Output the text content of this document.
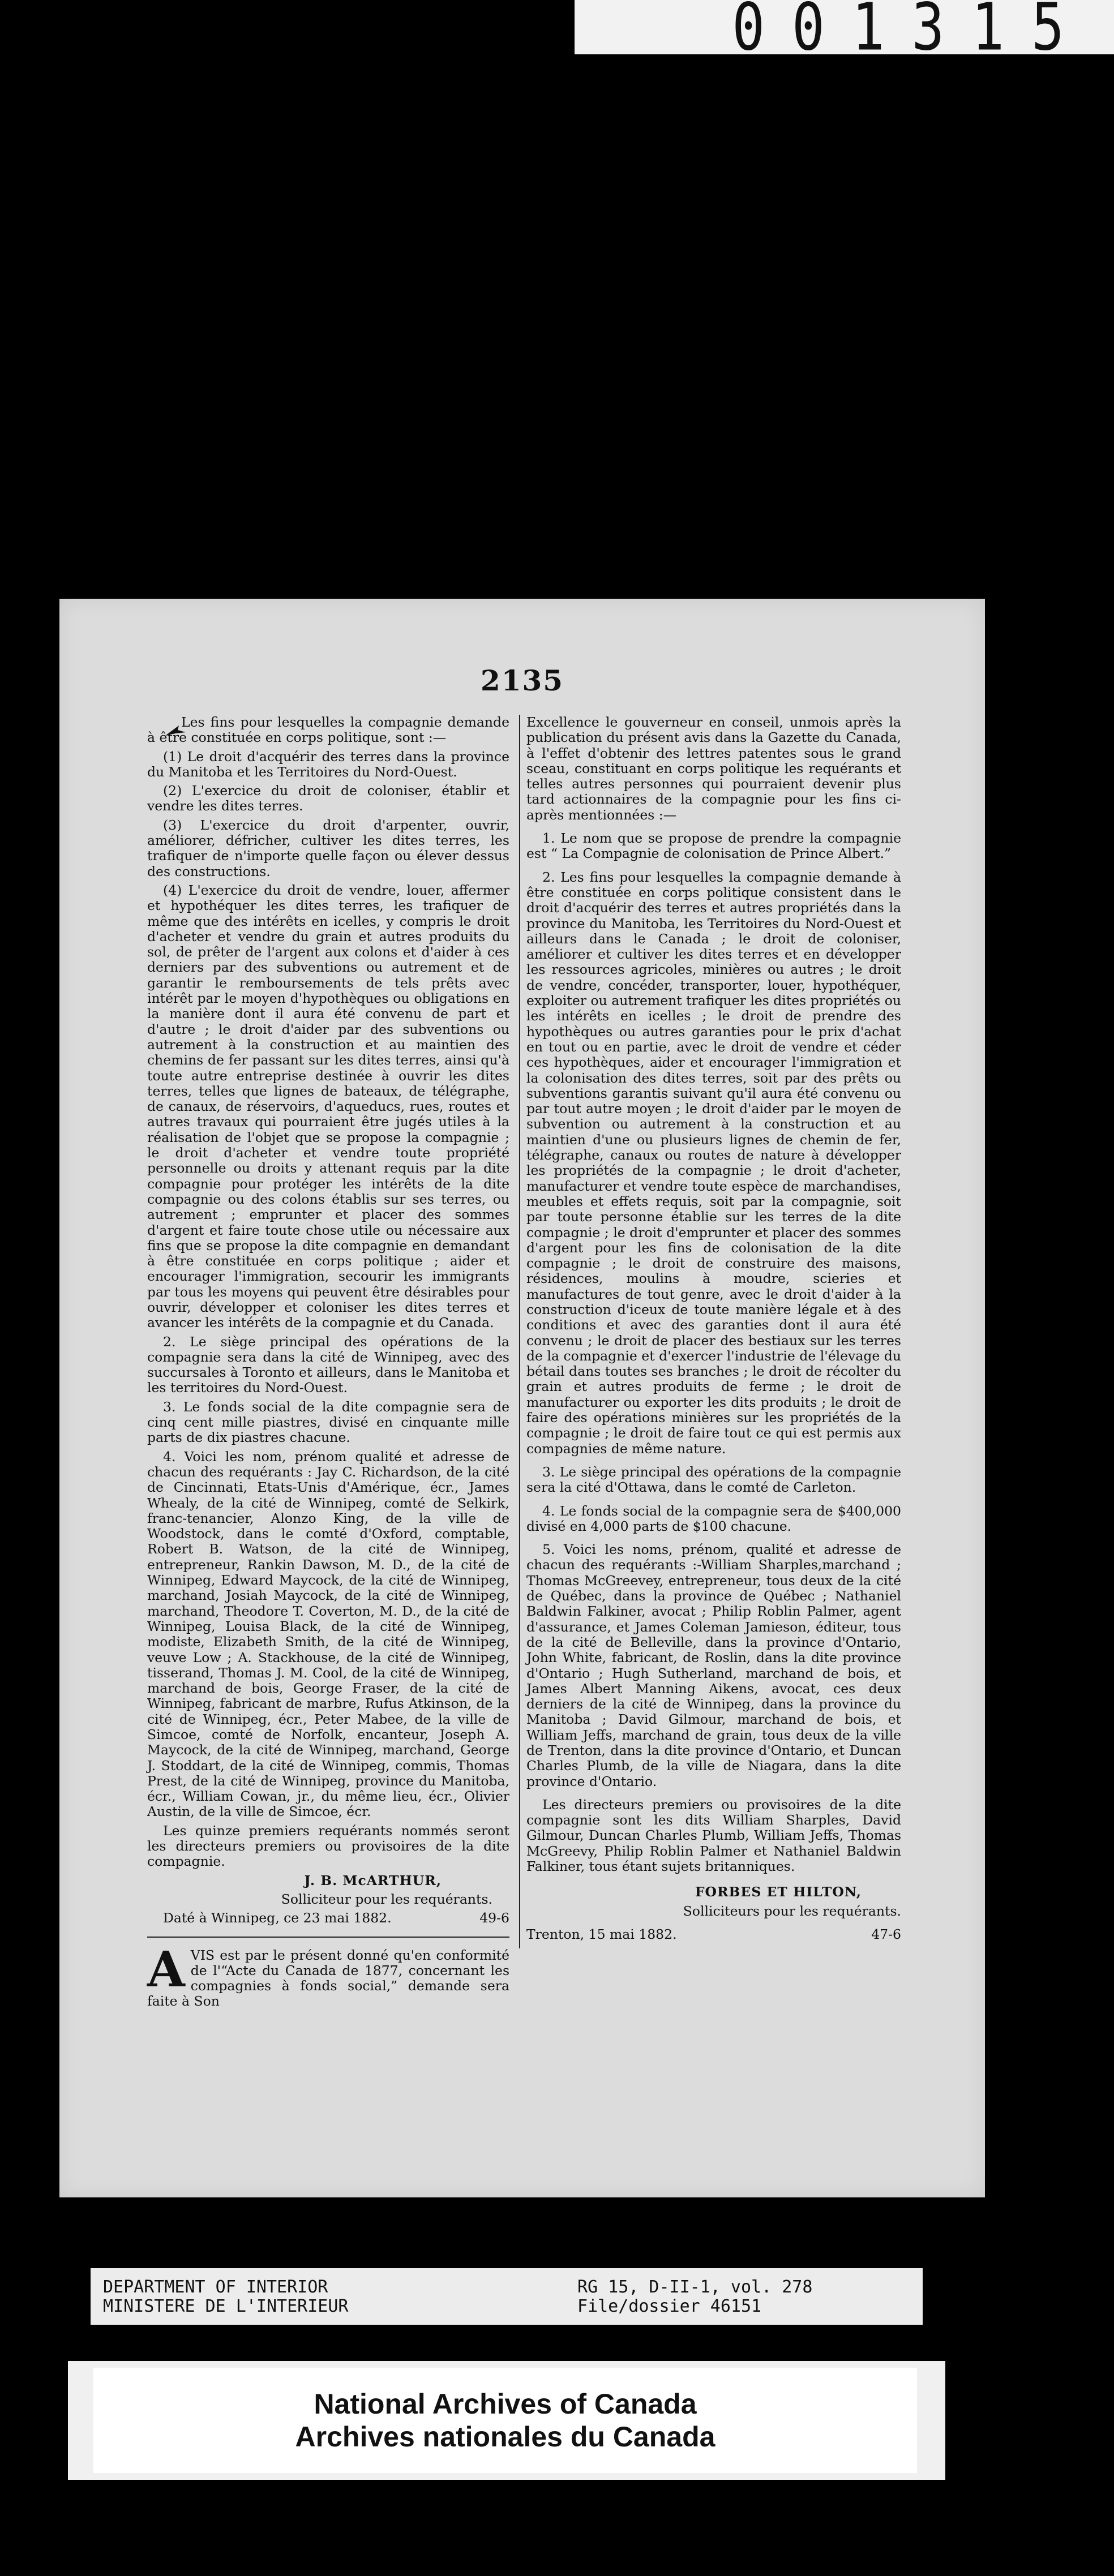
001315
2135

Les fins pour lesquelles la compagnie demande à être constituée en corps politique, sont :—

(1) Le droit d'acquérir des terres dans la province du Manitoba et les Territoires du Nord-Ouest.

(2) L'exercice du droit de coloniser, établir et vendre les dites terres.

(3) L'exercice du droit d'arpenter, ouvrir, améliorer, défricher, cultiver les dites terres, les trafiquer de n'importe quelle façon ou élever dessus des constructions.

(4) L'exercice du droit de vendre, louer, affermer et hypothéquer les dites terres, les trafiquer de même que des intérêts en icelles, y compris le droit d'acheter et vendre du grain et autres produits du sol, de prêter de l'argent aux colons et d'aider à ces derniers par des subventions ou autrement et de garantir le remboursements de tels prêts avec intérêt par le moyen d'hypothèques ou obligations en la manière dont il aura été convenu de part et d'autre ; le droit d'aider par des subventions ou autrement à la construction et au maintien des chemins de fer passant sur les dites terres, ainsi qu'à toute autre entreprise destinée à ouvrir les dites terres, telles que lignes de bateaux, de télégraphe, de canaux, de réservoirs, d'aqueducs, rues, routes et autres travaux qui pourraient être jugés utiles à la réalisation de l'objet que se propose la compagnie ; le droit d'acheter et vendre toute propriété personnelle ou droits y attenant requis par la dite compagnie pour protéger les intérêts de la dite compagnie ou des colons établis sur ses terres, ou autrement ; emprunter et placer des sommes d'argent et faire toute chose utile ou nécessaire aux fins que se propose la dite compagnie en demandant à être constituée en corps politique ; aider et encourager l'immigration, secourir les immigrants par tous les moyens qui peuvent être désirables pour ouvrir, développer et coloniser les dites terres et avancer les intérêts de la compagnie et du Canada.

2. Le siège principal des opérations de la compagnie sera dans la cité de Winnipeg, avec des succursales à Toronto et ailleurs, dans le Manitoba et les territoires du Nord-Ouest.

3. Le fonds social de la dite compagnie sera de cinq cent mille piastres, divisé en cinquante mille parts de dix piastres chacune.

4. Voici les nom, prénom qualité et adresse de chacun des requérants : Jay C. Richardson, de la cité de Cincinnati, Etats-Unis d'Amérique, écr., James Whealy, de la cité de Winnipeg, comté de Selkirk, franc-tenancier, Alonzo King, de la ville de Woodstock, dans le comté d'Oxford, comptable, Robert B. Watson, de la cité de Winnipeg, entrepreneur, Rankin Dawson, M. D., de la cité de Winnipeg, Edward Maycock, de la cité de Winnipeg, marchand, Josiah Maycock, de la cité de Winnipeg, marchand, Theodore T. Coverton, M. D., de la cité de Winnipeg, Louisa Black, de la cité de Winnipeg, modiste, Elizabeth Smith, de la cité de Winnipeg, veuve Low ; A. Stackhouse, de la cité de Winnipeg, tisserand, Thomas J. M. Cool, de la cité de Winnipeg, marchand de bois, George Fraser, de la cité de Winnipeg, fabricant de marbre, Rufus Atkinson, de la cité de Winnipeg, écr., Peter Mabee, de la ville de Simcoe, comté de Norfolk, encanteur, Joseph A. Maycock, de la cité de Winnipeg, marchand, George J. Stoddart, de la cité de Winnipeg, commis, Thomas Prest, de la cité de Winnipeg, province du Manitoba, écr., William Cowan, jr., du même lieu, écr., Olivier Austin, de la ville de Simcoe, écr.

Les quinze premiers requérants nommés seront les directeurs premiers ou provisoires de la dite compagnie.

J. B. McARTHUR,

Solliciteur pour les requérants.

Daté à Winnipeg, ce 23 mai 1882.	49-6

A VIS est par le présent donné qu'en conformité de l'“Acte du Canada de 1877, concernant les compagnies à fonds social,” demande sera faite à Son

Excellence le gouverneur en conseil, unmois après la publication du présent avis dans la Gazette du Canada, à l'effet d'obtenir des lettres patentes sous le grand sceau, constituant en corps politique les requérants et telles autres personnes qui pourraient devenir plus tard actionnaires de la compagnie pour les fins ci-après mentionnées :—

1. Le nom que se propose de prendre la compagnie est “ La Compagnie de colonisation de Prince Albert.”

2. Les fins pour lesquelles la compagnie demande à être constituée en corps politique consistent dans le droit d'acquérir des terres et autres propriétés dans la province du Manitoba, les Territoires du Nord-Ouest et ailleurs dans le Canada ; le droit de coloniser, améliorer et cultiver les dites terres et en développer les ressources agricoles, minières ou autres ; le droit de vendre, concéder, transporter, louer, hypothéquer, exploiter ou autrement trafiquer les dites propriétés ou les intérêts en icelles ; le droit de prendre des hypothèques ou autres garanties pour le prix d'achat en tout ou en partie, avec le droit de vendre et céder ces hypothèques, aider et encourager l'immigration et la colonisation des dites terres, soit par des prêts ou subventions garantis suivant qu'il aura été convenu ou par tout autre moyen ; le droit d'aider par le moyen de subvention ou autrement à la construction et au maintien d'une ou plusieurs lignes de chemin de fer, télégraphe, canaux ou routes de nature à développer les propriétés de la compagnie ; le droit d'acheter, manufacturer et vendre toute espèce de marchandises, meubles et effets requis, soit par la compagnie, soit par toute personne établie sur les terres de la dite compagnie ; le droit d'emprunter et placer des sommes d'argent pour les fins de colonisation de la dite compagnie ; le droit de construire des maisons, résidences, moulins à moudre, scieries et manufactures de tout genre, avec le droit d'aider à la construction d'iceux de toute manière légale et à des conditions et avec des garanties dont il aura été convenu ; le droit de placer des bestiaux sur les terres de la compagnie et d'exercer l'industrie de l'élevage du bétail dans toutes ses branches ; le droit de récolter du grain et autres produits de ferme ; le droit de manufacturer ou exporter les dits produits ; le droit de faire des opérations minières sur les propriétés de la compagnie ; le droit de faire tout ce qui est permis aux compagnies de même nature.

3. Le siège principal des opérations de la compagnie sera la cité d'Ottawa, dans le comté de Carleton.

4. Le fonds social de la compagnie sera de $400,000 divisé en 4,000 parts de $100 chacune.

5. Voici les noms, prénom, qualité et adresse de chacun des requérants :-William Sharples,marchand ; Thomas McGreevey, entrepreneur, tous deux de la cité de Québec, dans la province de Québec ; Nathaniel Baldwin Falkiner, avocat ; Philip Roblin Palmer, agent d'assurance, et James Coleman Jamieson, éditeur, tous de la cité de Belleville, dans la province d'Ontario, John White, fabricant, de Roslin, dans la dite province d'Ontario ; Hugh Sutherland, marchand de bois, et James Albert Manning Aikens, avocat, ces deux derniers de la cité de Winnipeg, dans la province du Manitoba ; David Gilmour, marchand de bois, et William Jeffs, marchand de grain, tous deux de la ville de Trenton, dans la dite province d'Ontario, et Duncan Charles Plumb, de la ville de Niagara, dans la dite province d'Ontario.

Les directeurs premiers ou provisoires de la dite compagnie sont les dits William Sharples, David Gilmour, Duncan Charles Plumb, William Jeffs, Thomas McGreevy, Philip Roblin Palmer et Nathaniel Baldwin Falkiner, tous étant sujets britanniques.

FORBES ET HILTON,

Solliciteurs pour les requérants.

Trenton, 15 mai 1882.	47-6
DEPARTMENT OF INTERIOR
MINISTERE DE L'INTERIEUR
RG 15, D-II-1, vol. 278
File/dossier 46151
National Archives of Canada
Archives nationales du Canada
